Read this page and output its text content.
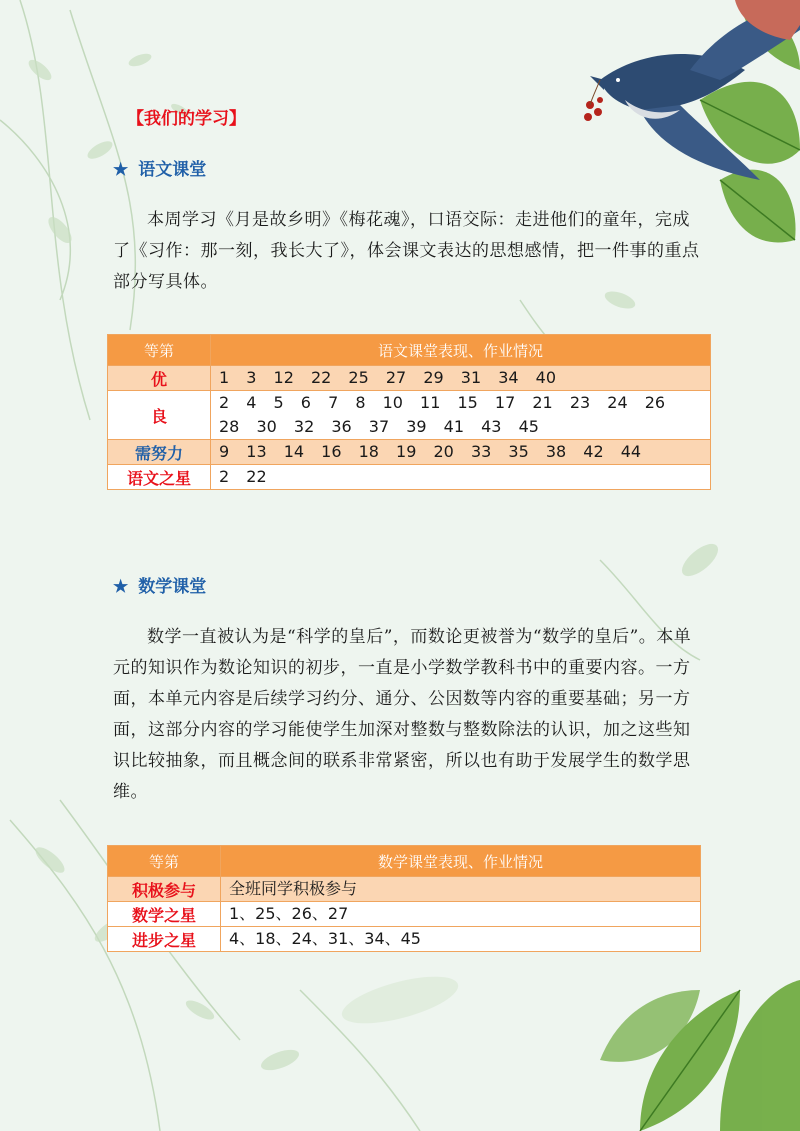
【我们的学习】
★ 语文课堂
本周学习《月是故乡明》《梅花魂》，口语交际：走进他们的童年，完成了《习作：那一刻，我长大了》，体会课文表达的思想感情，把一件事的重点部分写具体。
等第	语文课堂表现、作业情况
优	1 3 12 22 25 27 29 31 34 40
良	2 4 5 6 7 8 10 11 15 17 21 23 24 26 28 30 32 36 37 39 41 43 45
需努力	9 13 14 16 18 19 20 33 35 38 42 44
语文之星	2 22
★ 数学课堂
数学一直被认为是“科学的皇后”，而数论更被誉为“数学的皇后”。本单元的知识作为数论知识的初步，一直是小学数学教科书中的重要内容。一方面，本单元内容是后续学习约分、通分、公因数等内容的重要基础；另一方面，这部分内容的学习能使学生加深对整数与整数除法的认识，加之这些知识比较抽象，而且概念间的联系非常紧密，所以也有助于发展学生的数学思维。
等第	数学课堂表现、作业情况
积极参与	全班同学积极参与
数学之星	1、25、26、27
进步之星	4、18、24、31、34、45
